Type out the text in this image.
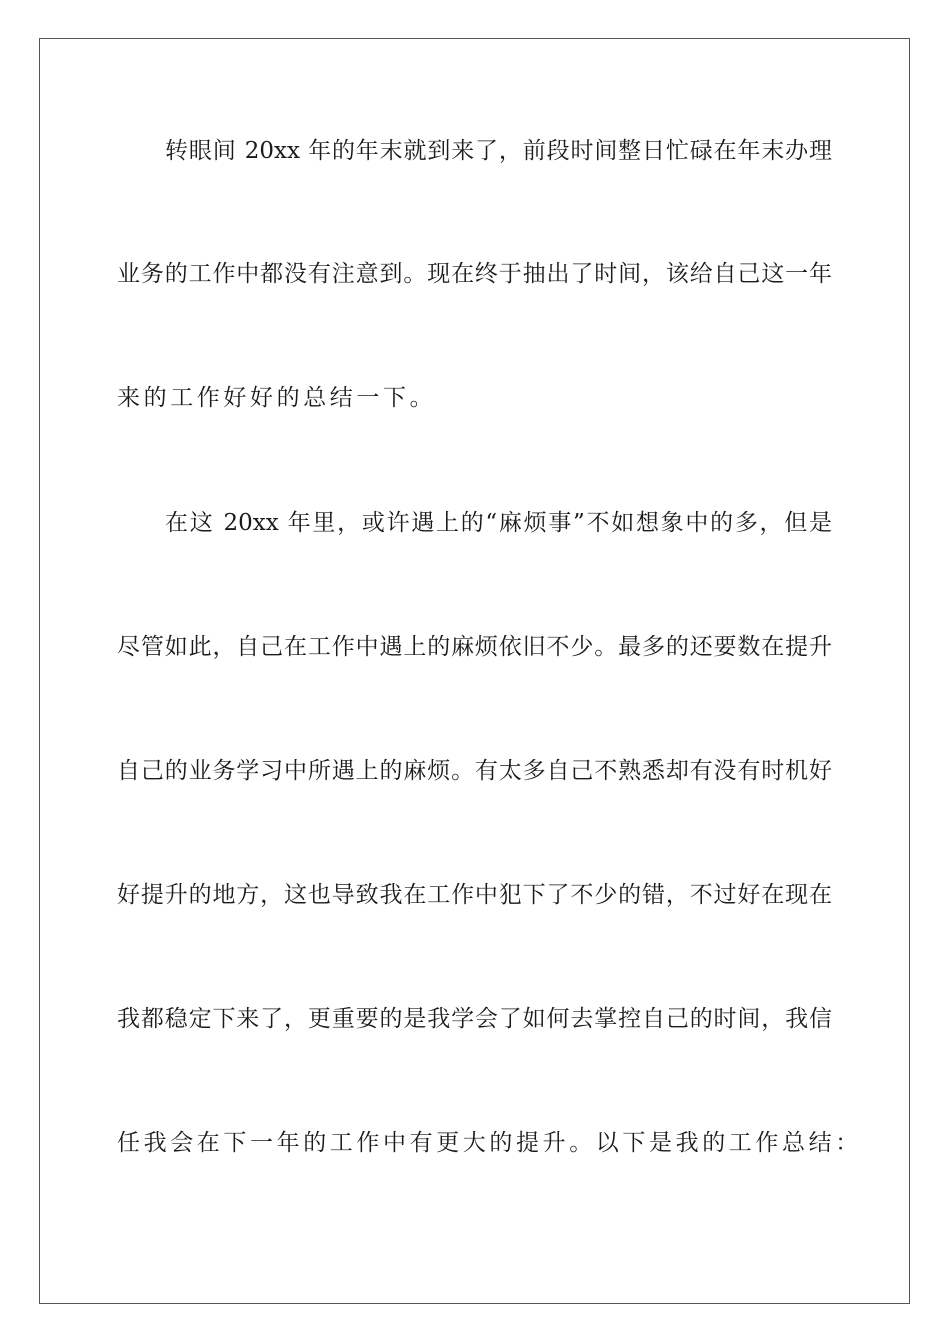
转眼间 20xx 年的年末就到来了，前段时间整日忙碌在年末办理
业务的工作中都没有注意到。现在终于抽出了时间，该给自己这一年
来的工作好好的总结一下。
在这 20xx 年里，或许遇上的“麻烦事”不如想象中的多，但是
尽管如此，自己在工作中遇上的麻烦依旧不少。最多的还要数在提升
自己的业务学习中所遇上的麻烦。有太多自己不熟悉却有没有时机好
好提升的地方，这也导致我在工作中犯下了不少的错，不过好在现在
我都稳定下来了，更重要的是我学会了如何去掌控自己的时间，我信
任我会在下一年的工作中有更大的提升。以下是我的工作总结：
